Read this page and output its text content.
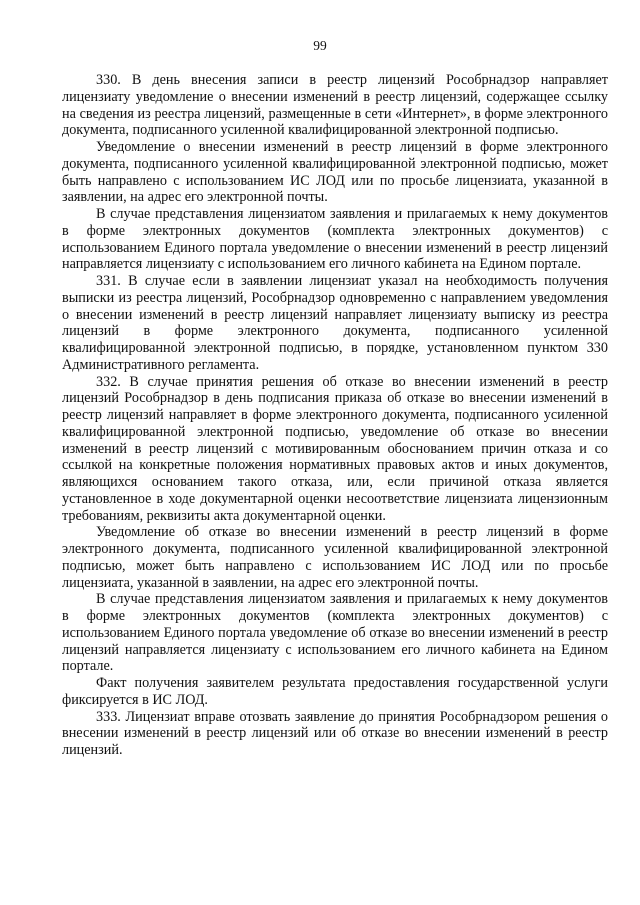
99

330. В день внесения записи в реестр лицензий Рособрнадзор направляет лицензиату уведомление о внесении изменений в реестр лицензий, содержащее ссылку на сведения из реестра лицензий, размещенные в сети «Интернет», в форме электронного документа, подписанного усиленной квалифицированной электронной подписью.

Уведомление о внесении изменений в реестр лицензий в форме электронного документа, подписанного усиленной квалифицированной электронной подписью, может быть направлено с использованием ИС ЛОД или по просьбе лицензиата, указанной в заявлении, на адрес его электронной почты.

В случае представления лицензиатом заявления и прилагаемых к нему документов в форме электронных документов (комплекта электронных документов) с использованием Единого портала уведомление о внесении изменений в реестр лицензий направляется лицензиату с использованием его личного кабинета на Едином портале.

331. В случае если в заявлении лицензиат указал на необходимость получения выписки из реестра лицензий, Рособрнадзор одновременно с направлением уведомления о внесении изменений в реестр лицензий направляет лицензиату выписку из реестра лицензий в форме электронного документа, подписанного усиленной квалифицированной электронной подписью, в порядке, установленном пунктом 330 Административного регламента.

332. В случае принятия решения об отказе во внесении изменений в реестр лицензий Рособрнадзор в день подписания приказа об отказе во внесении изменений в реестр лицензий направляет в форме электронного документа, подписанного усиленной квалифицированной электронной подписью, уведомление об отказе во внесении изменений в реестр лицензий с мотивированным обоснованием причин отказа и со ссылкой на конкретные положения нормативных правовых актов и иных документов, являющихся основанием такого отказа, или, если причиной отказа является установленное в ходе документарной оценки несоответствие лицензиата лицензионным требованиям, реквизиты акта документарной оценки.

Уведомление об отказе во внесении изменений в реестр лицензий в форме электронного документа, подписанного усиленной квалифицированной электронной подписью, может быть направлено с использованием ИС ЛОД или по просьбе лицензиата, указанной в заявлении, на адрес его электронной почты.

В случае представления лицензиатом заявления и прилагаемых к нему документов в форме электронных документов (комплекта электронных документов) с использованием Единого портала уведомление об отказе во внесении изменений в реестр лицензий направляется лицензиату с использованием его личного кабинета на Едином портале.

Факт получения заявителем результата предоставления государственной услуги фиксируется в ИС ЛОД.

333. Лицензиат вправе отозвать заявление до принятия Рособрнадзором решения о внесении изменений в реестр лицензий или об отказе во внесении изменений в реестр лицензий.
